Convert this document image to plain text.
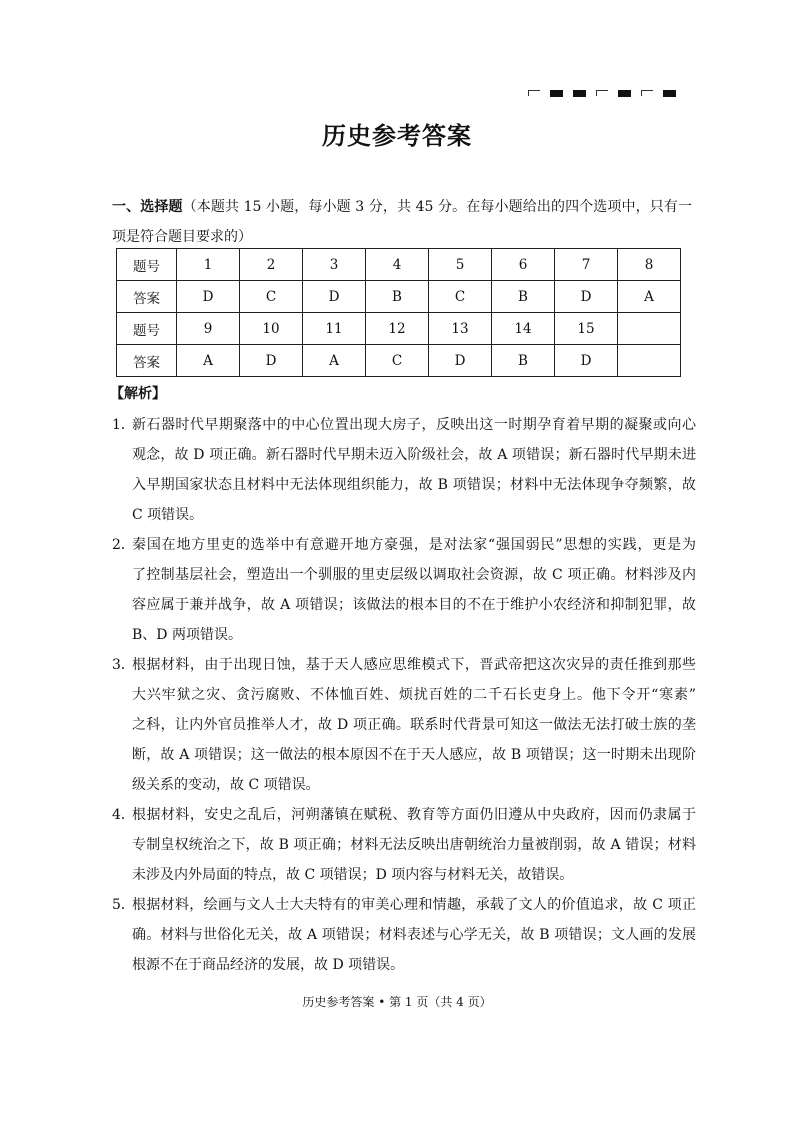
历史参考答案
一、选择题（本题共 15 小题，每小题 3 分，共 45 分。在每小题给出的四个选项中，只有一
项是符合题目要求的）
题号	1	2	3	4	5	6	7	8
答案	D	C	D	B	C	B	D	A
题号	9	10	11	12	13	14	15	
答案	A	D	A	C	D	B	D	
【解析】
1．
新石器时代早期聚落中的中心位置出现大房子，反映出这一时期孕育着早期的凝聚或向心
观念，故 D 项正确。新石器时代早期未迈入阶级社会，故 A 项错误；新石器时代早期未进
入早期国家状态且材料中无法体现组织能力，故 B 项错误；材料中无法体现争夺频繁，故
C 项错误。
2．
秦国在地方里吏的选举中有意避开地方豪强，是对法家“强国弱民”思想的实践，更是为
了控制基层社会，塑造出一个驯服的里吏层级以调取社会资源，故 C 项正确。材料涉及内
容应属于兼并战争，故 A 项错误；该做法的根本目的不在于维护小农经济和抑制犯罪，故
B、D 两项错误。
3．
根据材料，由于出现日蚀，基于天人感应思维模式下，晋武帝把这次灾异的责任推到那些
大兴牢狱之灾、贪污腐败、不体恤百姓、烦扰百姓的二千石长吏身上。他下令开“寒素”
之科，让内外官员推举人才，故 D 项正确。联系时代背景可知这一做法无法打破士族的垄
断，故 A 项错误；这一做法的根本原因不在于天人感应，故 B 项错误；这一时期未出现阶
级关系的变动，故 C 项错误。
4．
根据材料，安史之乱后，河朔藩镇在赋税、教育等方面仍旧遵从中央政府，因而仍隶属于
专制皇权统治之下，故 B 项正确；材料无法反映出唐朝统治力量被削弱，故 A 错误；材料
未涉及内外局面的特点，故 C 项错误；D 项内容与材料无关，故错误。
5．
根据材料，绘画与文人士大夫特有的审美心理和情趣，承载了文人的价值追求，故 C 项正
确。材料与世俗化无关，故 A 项错误；材料表述与心学无关，故 B 项错误；文人画的发展
根源不在于商品经济的发展，故 D 项错误。
历史参考答案 • 第 1 页（共 4 页）
